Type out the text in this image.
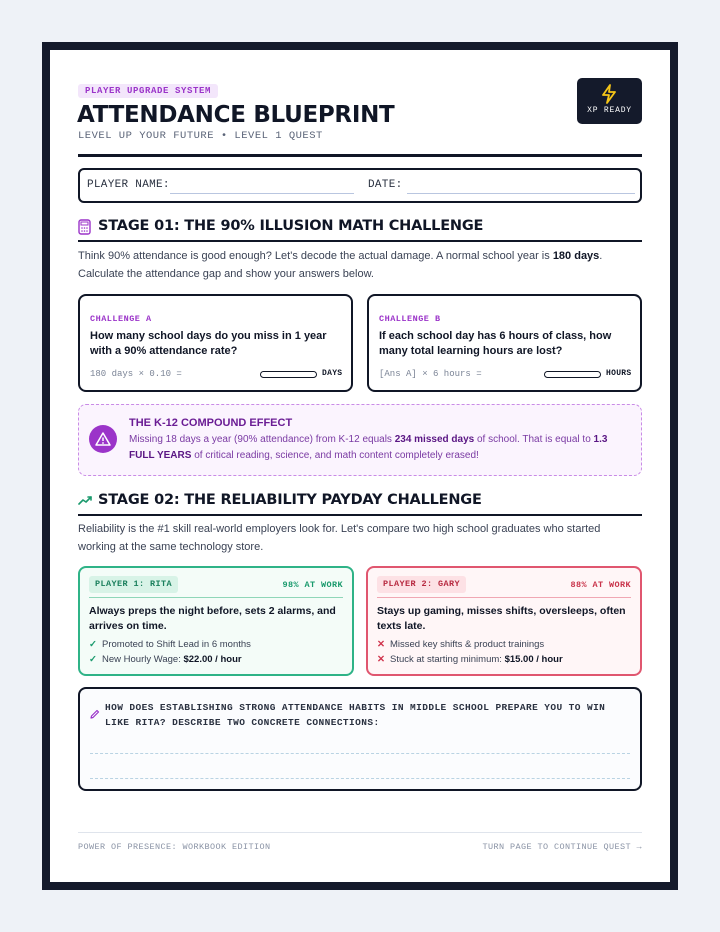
PLAYER UPGRADE SYSTEM
ATTENDANCE BLUEPRINT
LEVEL UP YOUR FUTURE • LEVEL 1 QUEST
XP READY
PLAYER NAME:	DATE:
STAGE 01: THE 90% ILLUSION MATH CHALLENGE
Think 90% attendance is good enough? Let's decode the actual damage. A normal school year is 180 days.
Calculate the attendance gap and show your answers below.
CHALLENGE A
How many school days do you miss in 1 year with a 90% attendance rate?
180 days × 0.10 =	DAYS
CHALLENGE B
If each school day has 6 hours of class, how many total learning hours are lost?
[Ans A] × 6 hours =	HOURS
THE K-12 COMPOUND EFFECT
Missing 18 days a year (90% attendance) from K-12 equals 234 missed days of school. That is equal to 1.3 FULL YEARS of critical reading, science, and math content completely erased!
STAGE 02: THE RELIABILITY PAYDAY CHALLENGE
Reliability is the #1 skill real-world employers look for. Let's compare two high school graduates who started
working at the same technology store.
PLAYER 1: RITA	98% AT WORK
Always preps the night before, sets 2 alarms, and arrives on time.
✓ Promoted to Shift Lead in 6 months
✓ New Hourly Wage: $22.00 / hour
PLAYER 2: GARY	88% AT WORK
Stays up gaming, misses shifts, oversleeps, often texts late.
✕ Missed key shifts & product trainings
✕ Stuck at starting minimum: $15.00 / hour
HOW DOES ESTABLISHING STRONG ATTENDANCE HABITS IN MIDDLE SCHOOL PREPARE YOU TO WIN LIKE RITA? DESCRIBE TWO CONCRETE CONNECTIONS:
POWER OF PRESENCE: WORKBOOK EDITION	TURN PAGE TO CONTINUE QUEST →
